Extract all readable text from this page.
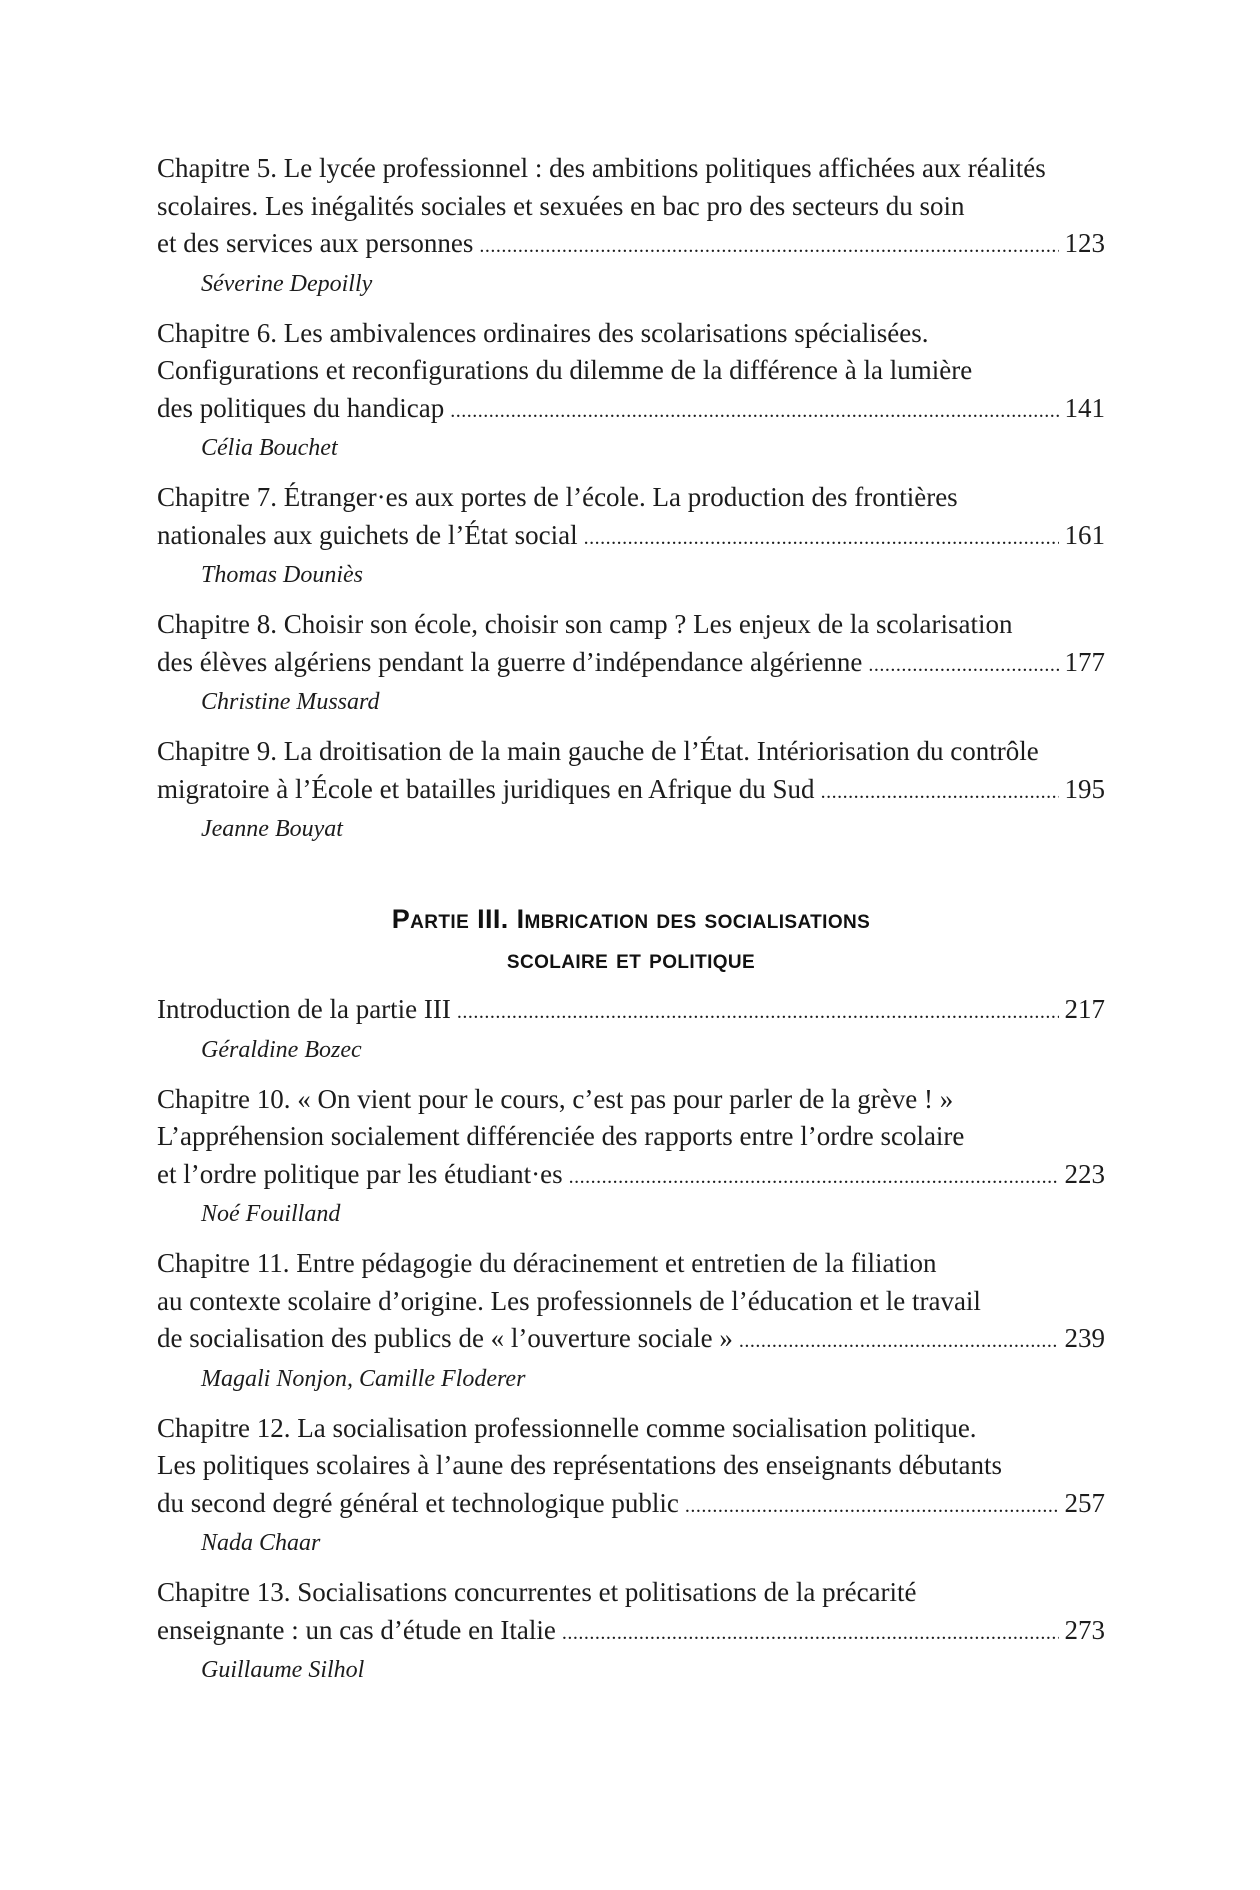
Chapitre 5. Le lycée professionnel : des ambitions politiques affichées aux réalités
scolaires. Les inégalités sociales et sexuées en bac pro des secteurs du soin
et des services aux personnes .....	123
Séverine Depoilly
Chapitre 6. Les ambivalences ordinaires des scolarisations spécialisées.
Configurations et reconfigurations du dilemme de la différence à la lumière
des politiques du handicap .....	141
Célia Bouchet
Chapitre 7. Étranger·es aux portes de l’école. La production des frontières
nationales aux guichets de l’État social .....	161
Thomas Douniès
Chapitre 8. Choisir son école, choisir son camp ? Les enjeux de la scolarisation
des élèves algériens pendant la guerre d’indépendance algérienne .....	177
Christine Mussard
Chapitre 9. La droitisation de la main gauche de l’État. Intériorisation du contrôle
migratoire à l’École et batailles juridiques en Afrique du Sud .....	195
Jeanne Bouyat
Partie III. Imbrication des socialisations
scolaire et politique
Introduction de la partie III .....	217
Géraldine Bozec
Chapitre 10. « On vient pour le cours, c’est pas pour parler de la grève ! »
L’appréhension socialement différenciée des rapports entre l’ordre scolaire
et l’ordre politique par les étudiant·es .....	223
Noé Fouilland
Chapitre 11. Entre pédagogie du déracinement et entretien de la filiation
au contexte scolaire d’origine. Les professionnels de l’éducation et le travail
de socialisation des publics de « l’ouverture sociale » .....	239
Magali Nonjon, Camille Floderer
Chapitre 12. La socialisation professionnelle comme socialisation politique.
Les politiques scolaires à l’aune des représentations des enseignants débutants
du second degré général et technologique public .....	257
Nada Chaar
Chapitre 13. Socialisations concurrentes et politisations de la précarité
enseignante : un cas d’étude en Italie .....	273
Guillaume Silhol
